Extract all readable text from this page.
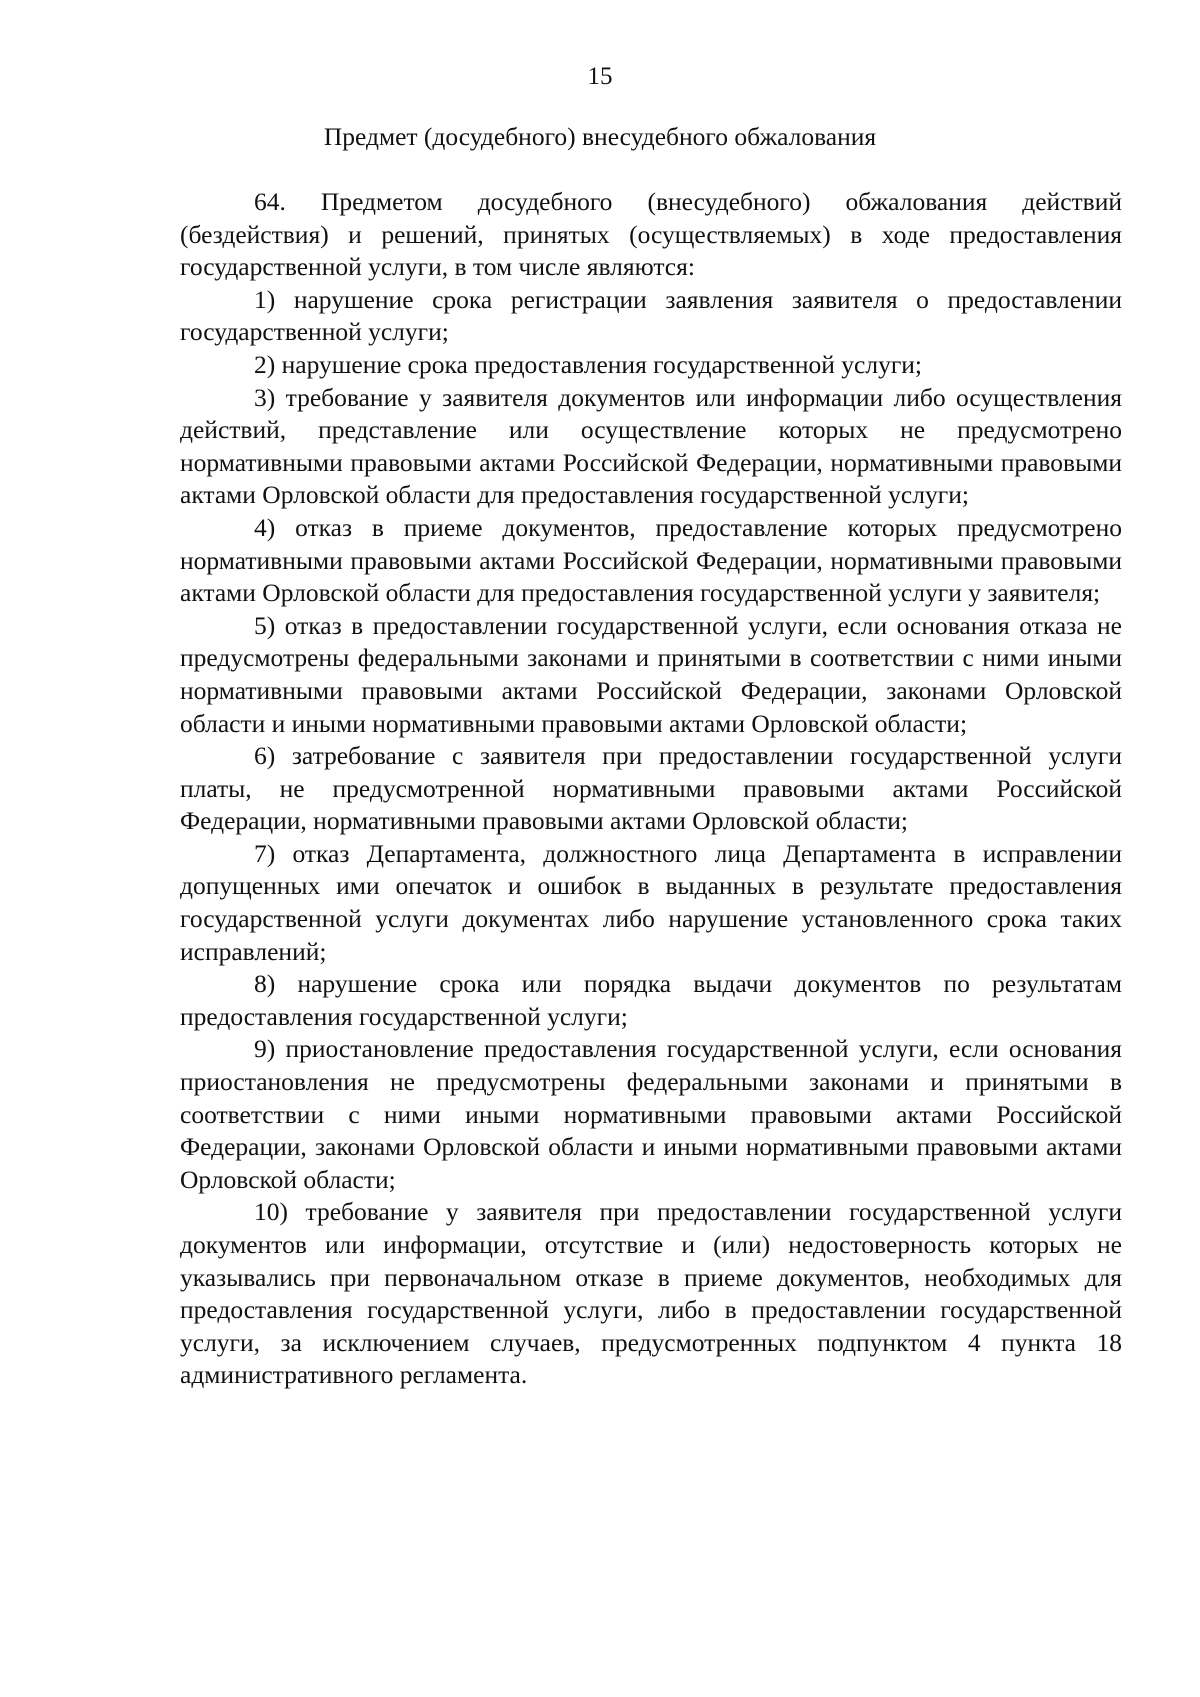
15
Предмет (досудебного) внесудебного обжалования

64. Предметом досудебного (внесудебного) обжалования действий (бездействия) и решений, принятых (осуществляемых) в ходе предоставления государственной услуги, в том числе являются:

1) нарушение срока регистрации заявления заявителя о предоставлении государственной услуги;

2) нарушение срока предоставления государственной услуги;

3) требование у заявителя документов или информации либо осуществления действий, представление или осуществление которых не предусмотрено нормативными правовыми актами Российской Федерации, нормативными правовыми актами Орловской области для предоставления государственной услуги;

4) отказ в приеме документов, предоставление которых предусмотрено нормативными правовыми актами Российской Федерации, нормативными правовыми актами Орловской области для предоставления государственной услуги у заявителя;

5) отказ в предоставлении государственной услуги, если основания отказа не предусмотрены федеральными законами и принятыми в соответствии с ними иными нормативными правовыми актами Российской Федерации, законами Орловской области и иными нормативными правовыми актами Орловской области;

6) затребование с заявителя при предоставлении государственной услуги платы, не предусмотренной нормативными правовыми актами Российской Федерации, нормативными правовыми актами Орловской области;

7) отказ Департамента, должностного лица Департамента в исправлении допущенных ими опечаток и ошибок в выданных в результате предоставления государственной услуги документах либо нарушение установленного срока таких исправлений;

8) нарушение срока или порядка выдачи документов по результатам предоставления государственной услуги;

9) приостановление предоставления государственной услуги, если основания приостановления не предусмотрены федеральными законами и принятыми в соответствии с ними иными нормативными правовыми актами Российской Федерации, законами Орловской области и иными нормативными правовыми актами Орловской области;

10) требование у заявителя при предоставлении государственной услуги документов или информации, отсутствие и (или) недостоверность которых не указывались при первоначальном отказе в приеме документов, необходимых для предоставления государственной услуги, либо в предоставлении государственной услуги, за исключением случаев, предусмотренных подпунктом 4 пункта 18 административного регламента.
